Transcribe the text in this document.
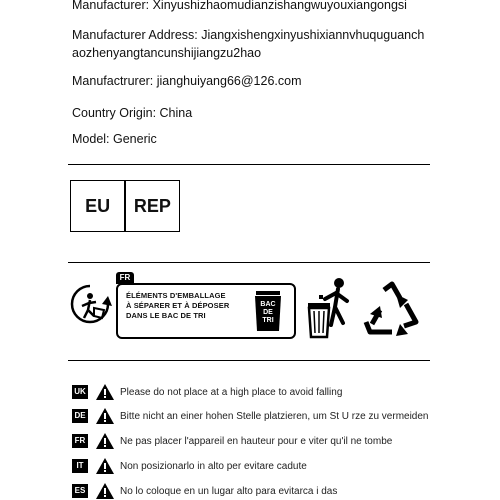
Manufacturer: Xinyushizhaomudianzishangwuyouxiangongsi
Manufacturer Address: Jiangxishengxinyushixiannvhuquguanch
aozhenyangtancunshijiangzu2hao
Manufactrurer: jianghuiyang66@126.com
Country Origin: China
Model: Generic
EU	REP
FR
ÉLÉMENTS D'EMBALLAGE
À SÉPARER ET À DÉPOSER
DANS LE BAC DE TRI
BAC
DE
TRI
UK	Please do not place at a high place to avoid falling
DE	Bitte nicht an einer hohen Stelle platzieren, um St U rze zu vermeiden
FR	Ne pas placer l'appareil en hauteur pour e viter qu'il ne tombe
IT	Non posizionarlo in alto per evitare cadute
ES	No lo coloque en un lugar alto para evitarca i das
